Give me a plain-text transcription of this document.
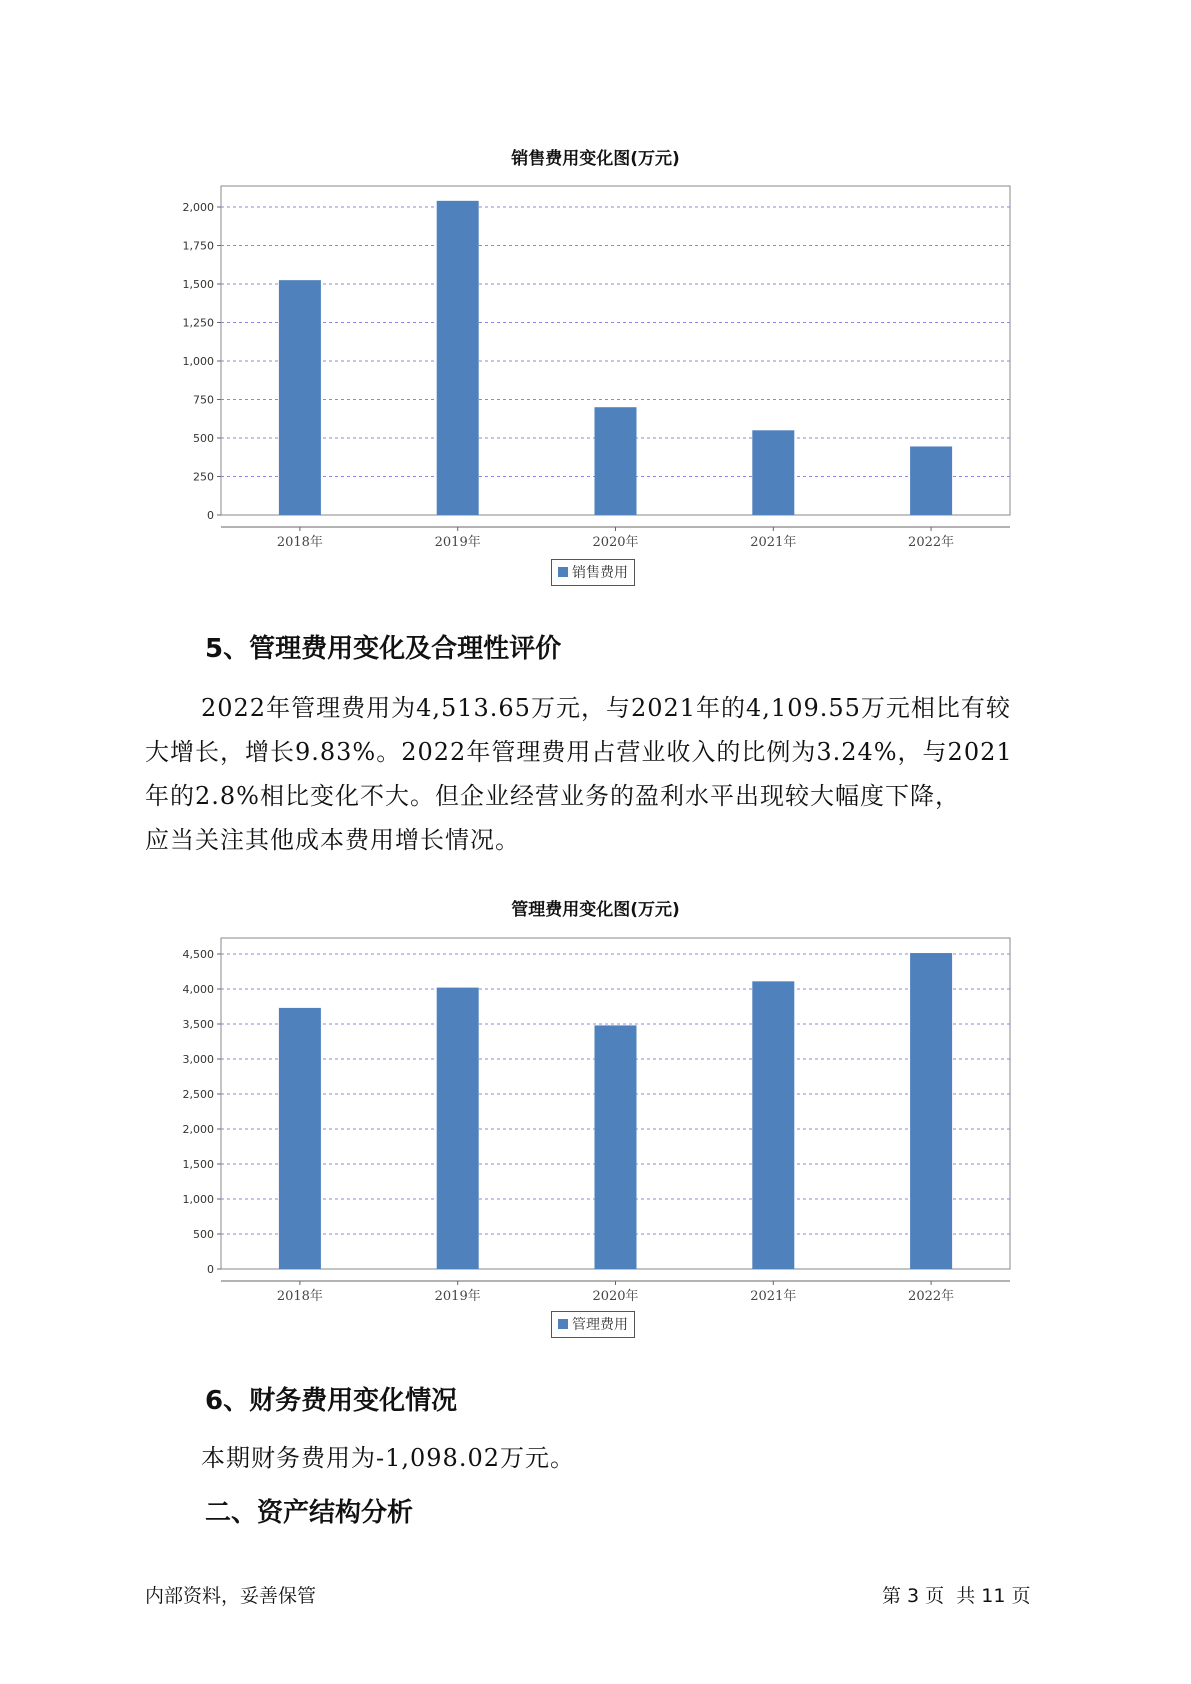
销售费用变化图(万元)
0
250
500
750
1,000
1,250
1,500
1,750
2,000
2018年	2019年	2020年	2021年	2022年
销售费用
5、管理费用变化及合理性评价
2022年管理费用为4,513.65万元，与2021年的4,109.55万元相比有较
大增长，增长9.83%。2022年管理费用占营业收入的比例为3.24%，与2021
年的2.8%相比变化不大。但企业经营业务的盈利水平出现较大幅度下降，
应当关注其他成本费用增长情况。
管理费用变化图(万元)
0
500
1,000
1,500
2,000
2,500
3,000
3,500
4,000
4,500
2018年	2019年	2020年	2021年	2022年
管理费用
6、财务费用变化情况
本期财务费用为-1,098.02万元。
二、资产结构分析
内部资料，妥善保管	第 3 页  共 11 页
